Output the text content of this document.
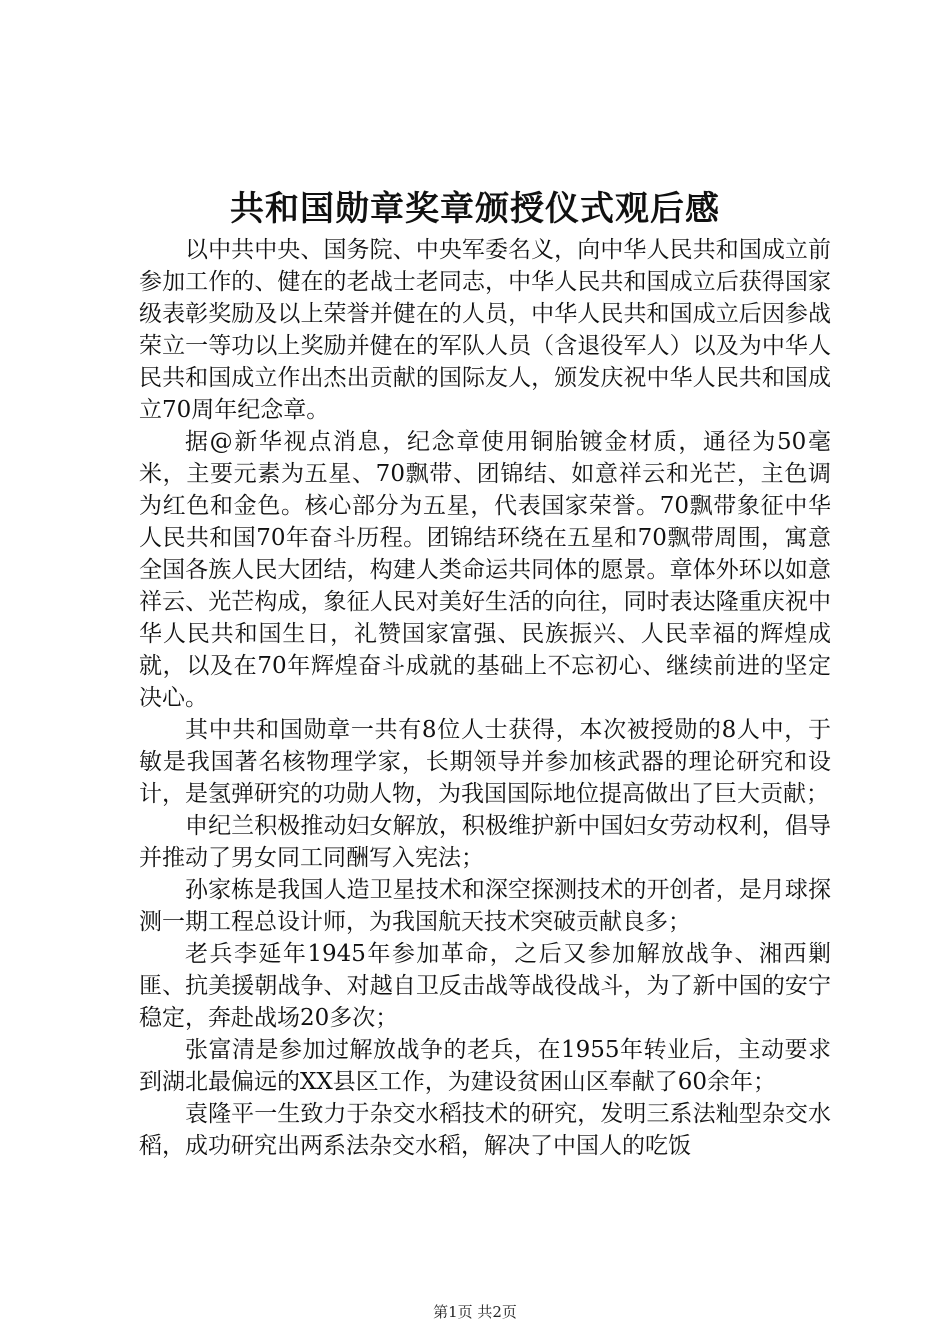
共和国勋章奖章颁授仪式观后感

以中共中央、国务院、中央军委名义，向中华人民共和国成立前参加工作的、健在的老战士老同志，中华人民共和国成立后获得国家级表彰奖励及以上荣誉并健在的人员，中华人民共和国成立后因参战荣立一等功以上奖励并健在的军队人员（含退役军人）以及为中华人民共和国成立作出杰出贡献的国际友人，颁发庆祝中华人民共和国成立70周年纪念章。

据@新华视点消息，纪念章使用铜胎镀金材质，通径为50毫米，主要元素为五星、70飘带、团锦结、如意祥云和光芒，主色调为红色和金色。核心部分为五星，代表国家荣誉。70飘带象征中华人民共和国70年奋斗历程。团锦结环绕在五星和70飘带周围，寓意全国各族人民大团结，构建人类命运共同体的愿景。章体外环以如意祥云、光芒构成，象征人民对美好生活的向往，同时表达隆重庆祝中华人民共和国生日，礼赞国家富强、民族振兴、人民幸福的辉煌成就，以及在70年辉煌奋斗成就的基础上不忘初心、继续前进的坚定决心。

其中共和国勋章一共有8位人士获得，本次被授勋的8人中，于敏是我国著名核物理学家，长期领导并参加核武器的理论研究和设计，是氢弹研究的功勋人物，为我国国际地位提高做出了巨大贡献；

申纪兰积极推动妇女解放，积极维护新中国妇女劳动权利，倡导并推动了男女同工同酬写入宪法；

孙家栋是我国人造卫星技术和深空探测技术的开创者，是月球探测一期工程总设计师，为我国航天技术突破贡献良多；

老兵李延年1945年参加革命，之后又参加解放战争、湘西剿匪、抗美援朝战争、对越自卫反击战等战役战斗，为了新中国的安宁稳定，奔赴战场20多次；

张富清是参加过解放战争的老兵，在1955年转业后，主动要求到湖北最偏远的XX县区工作，为建设贫困山区奉献了60余年；

袁隆平一生致力于杂交水稻技术的研究，发明三系法籼型杂交水稻，成功研究出两系法杂交水稻，解决了中国人的吃饭

第1页 共2页
